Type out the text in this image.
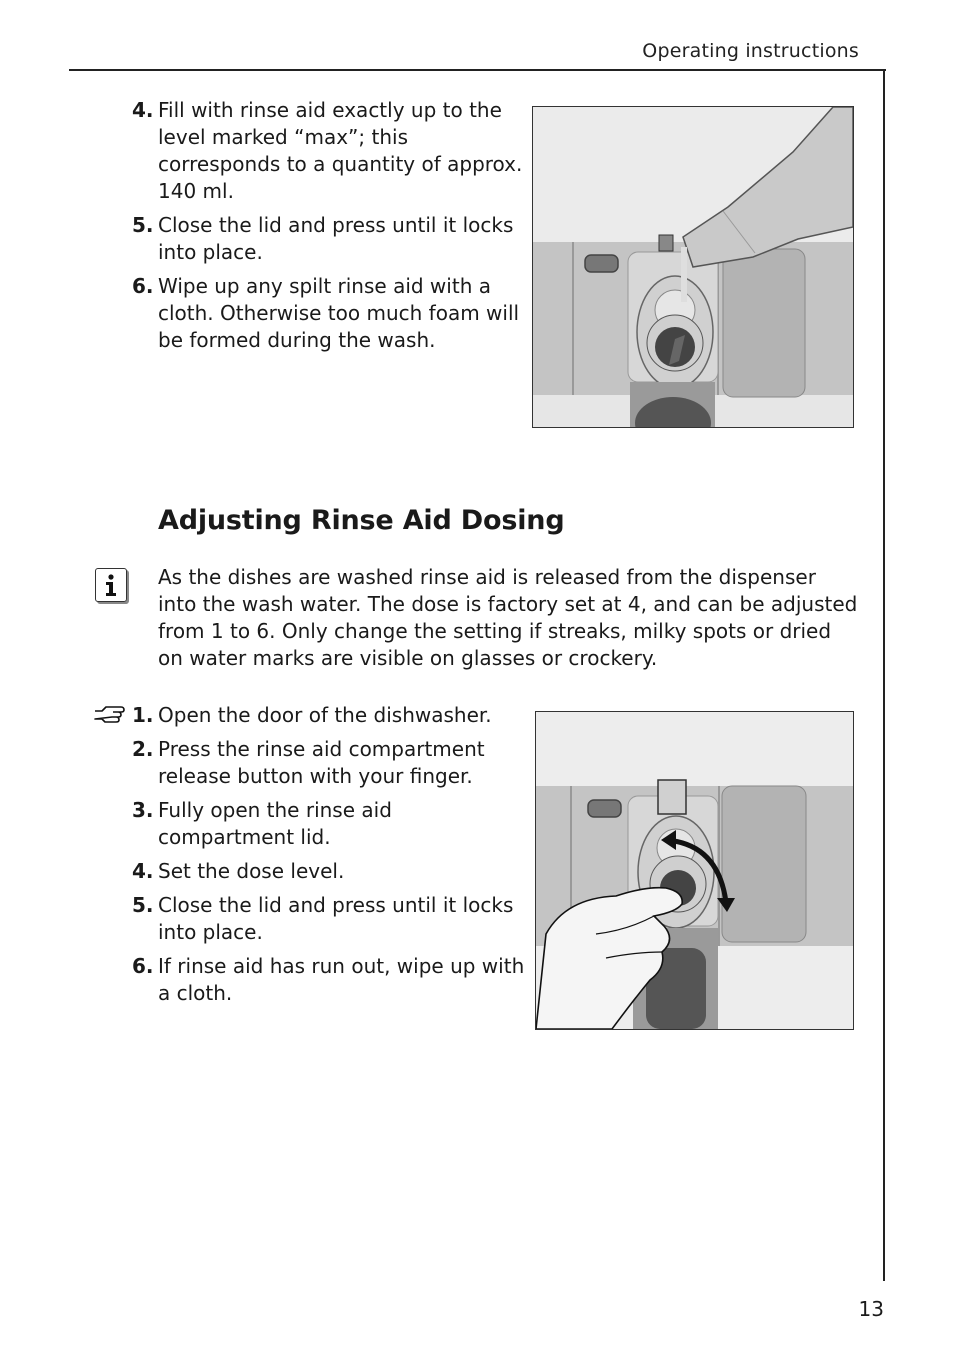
Operating instructions
4. Fill with rinse aid exactly up to the level marked “max”; this corresponds to a quantity of approx. 140 ml.
5. Close the lid and press until it locks into place.
6. Wipe up any spilt rinse aid with a cloth. Otherwise too much foam will be formed during the wash.
Adjusting Rinse Aid Dosing

As the dishes are washed rinse aid is released from the dispenser into the wash water. The dose is factory set at 4, and can be adjusted from 1 to 6. Only change the setting if streaks, milky spots or dried on water marks are visible on glasses or crockery.

1. Open the door of the dishwasher.
2. Press the rinse aid compartment release button with your finger.
3. Fully open the rinse aid compartment lid.
4. Set the dose level.
5. Close the lid and press until it locks into place.
6. If rinse aid has run out, wipe up with a cloth.
13
